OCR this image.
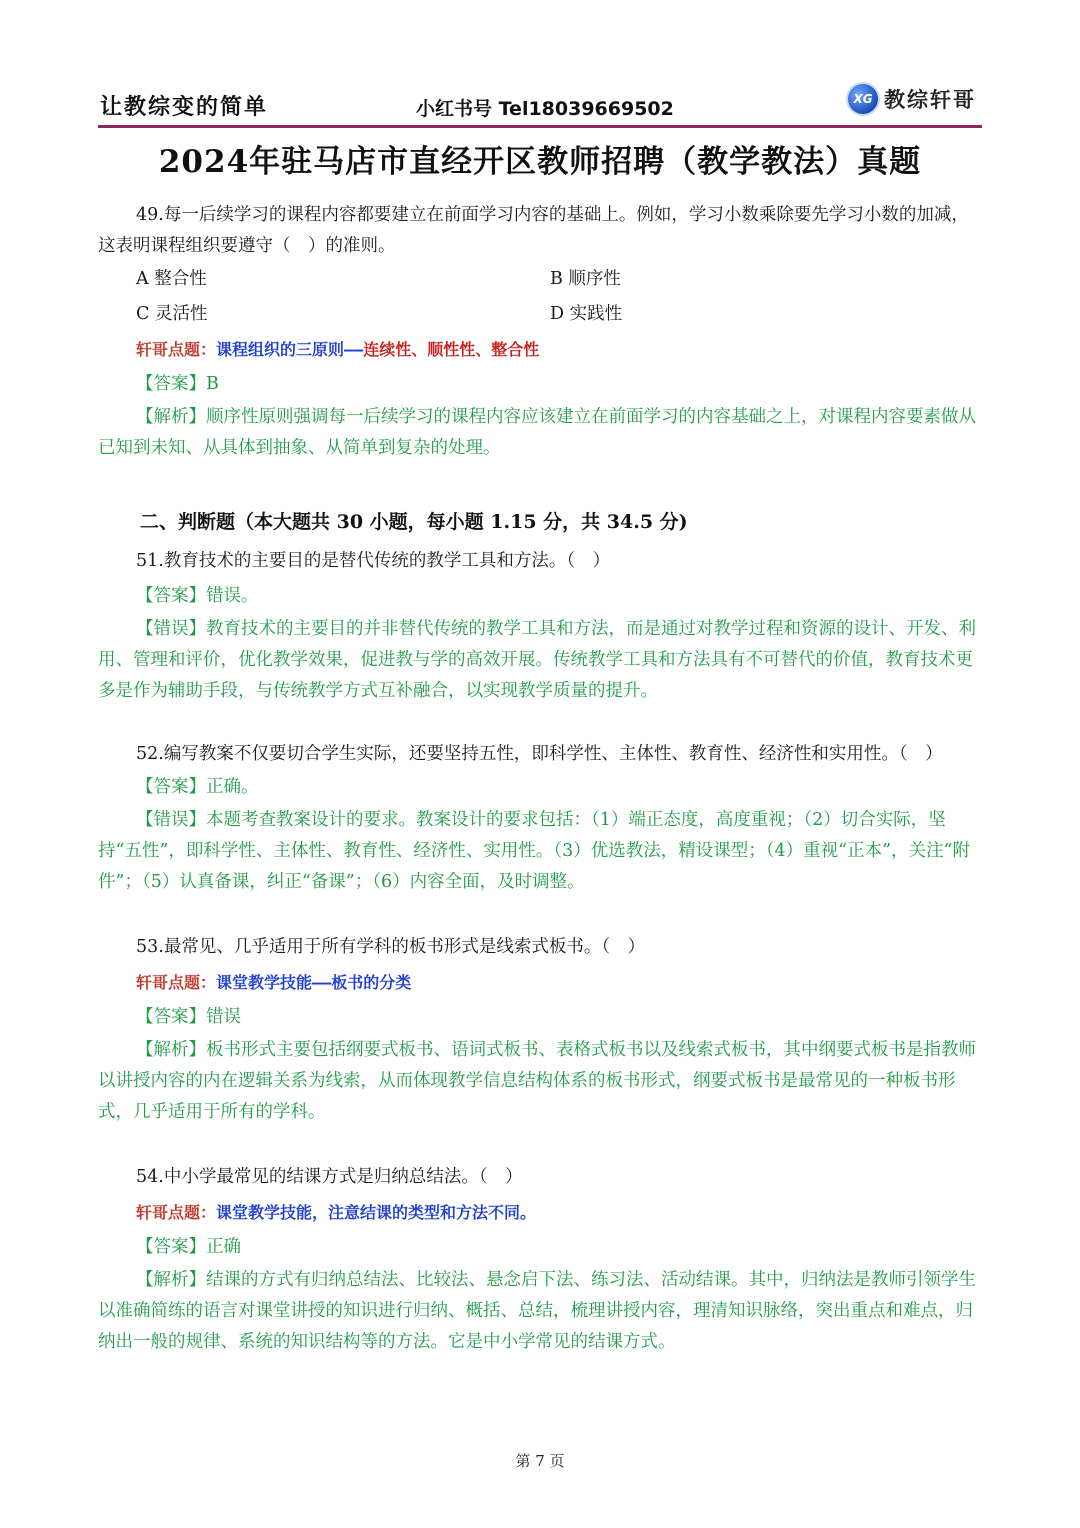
让教综变的简单	小红书号 Tel18039669502	XG 教综轩哥
2024年驻马店市直经开区教师招聘（教学教法）真题

49.每一后续学习的课程内容都要建立在前面学习内容的基础上。例如，学习小数乘除要先学习小数的加减，这表明课程组织要遵守（　）的准则。

A 整合性	B 顺序性
C 灵活性	D 实践性
轩哥点题：课程组织的三原则——连续性、顺性性、整合性
【答案】B

【解析】顺序性原则强调每一后续学习的课程内容应该建立在前面学习的内容基础之上，对课程内容要素做从已知到未知、从具体到抽象、从简单到复杂的处理。

二、判断题（本大题共 30 小题，每小题 1.15 分，共 34.5 分)
51.教育技术的主要目的是替代传统的教学工具和方法。（　）
【答案】错误。

【错误】教育技术的主要目的并非替代传统的教学工具和方法，而是通过对教学过程和资源的设计、开发、利用、管理和评价，优化教学效果，促进教与学的高效开展。传统教学工具和方法具有不可替代的价值，教育技术更多是作为辅助手段，与传统教学方式互补融合，以实现教学质量的提升。

52.编写教案不仅要切合学生实际，还要坚持五性，即科学性、主体性、教育性、经济性和实用性。（　）

【答案】正确。

【错误】本题考查教案设计的要求。教案设计的要求包括：（1）端正态度，高度重视；（2）切合实际，坚持“五性”，即科学性、主体性、教育性、经济性、实用性。（3）优选教法，精设课型；（4）重视“正本”，关注“附件”；（5）认真备课，纠正“备课”；（6）内容全面，及时调整。

53.最常见、几乎适用于所有学科的板书形式是线索式板书。（　）
轩哥点题：课堂教学技能——板书的分类
【答案】错误

【解析】板书形式主要包括纲要式板书、语词式板书、表格式板书以及线索式板书，其中纲要式板书是指教师以讲授内容的内在逻辑关系为线索，从而体现教学信息结构体系的板书形式，纲要式板书是最常见的一种板书形式，几乎适用于所有的学科。

54.中小学最常见的结课方式是归纳总结法。（　）
轩哥点题：课堂教学技能，注意结课的类型和方法不同。
【答案】正确

【解析】结课的方式有归纳总结法、比较法、悬念启下法、练习法、活动结课。其中，归纳法是教师引领学生以准确简练的语言对课堂讲授的知识进行归纳、概括、总结，梳理讲授内容，理清知识脉络，突出重点和难点，归纳出一般的规律、系统的知识结构等的方法。它是中小学常见的结课方式。

第 7 页
